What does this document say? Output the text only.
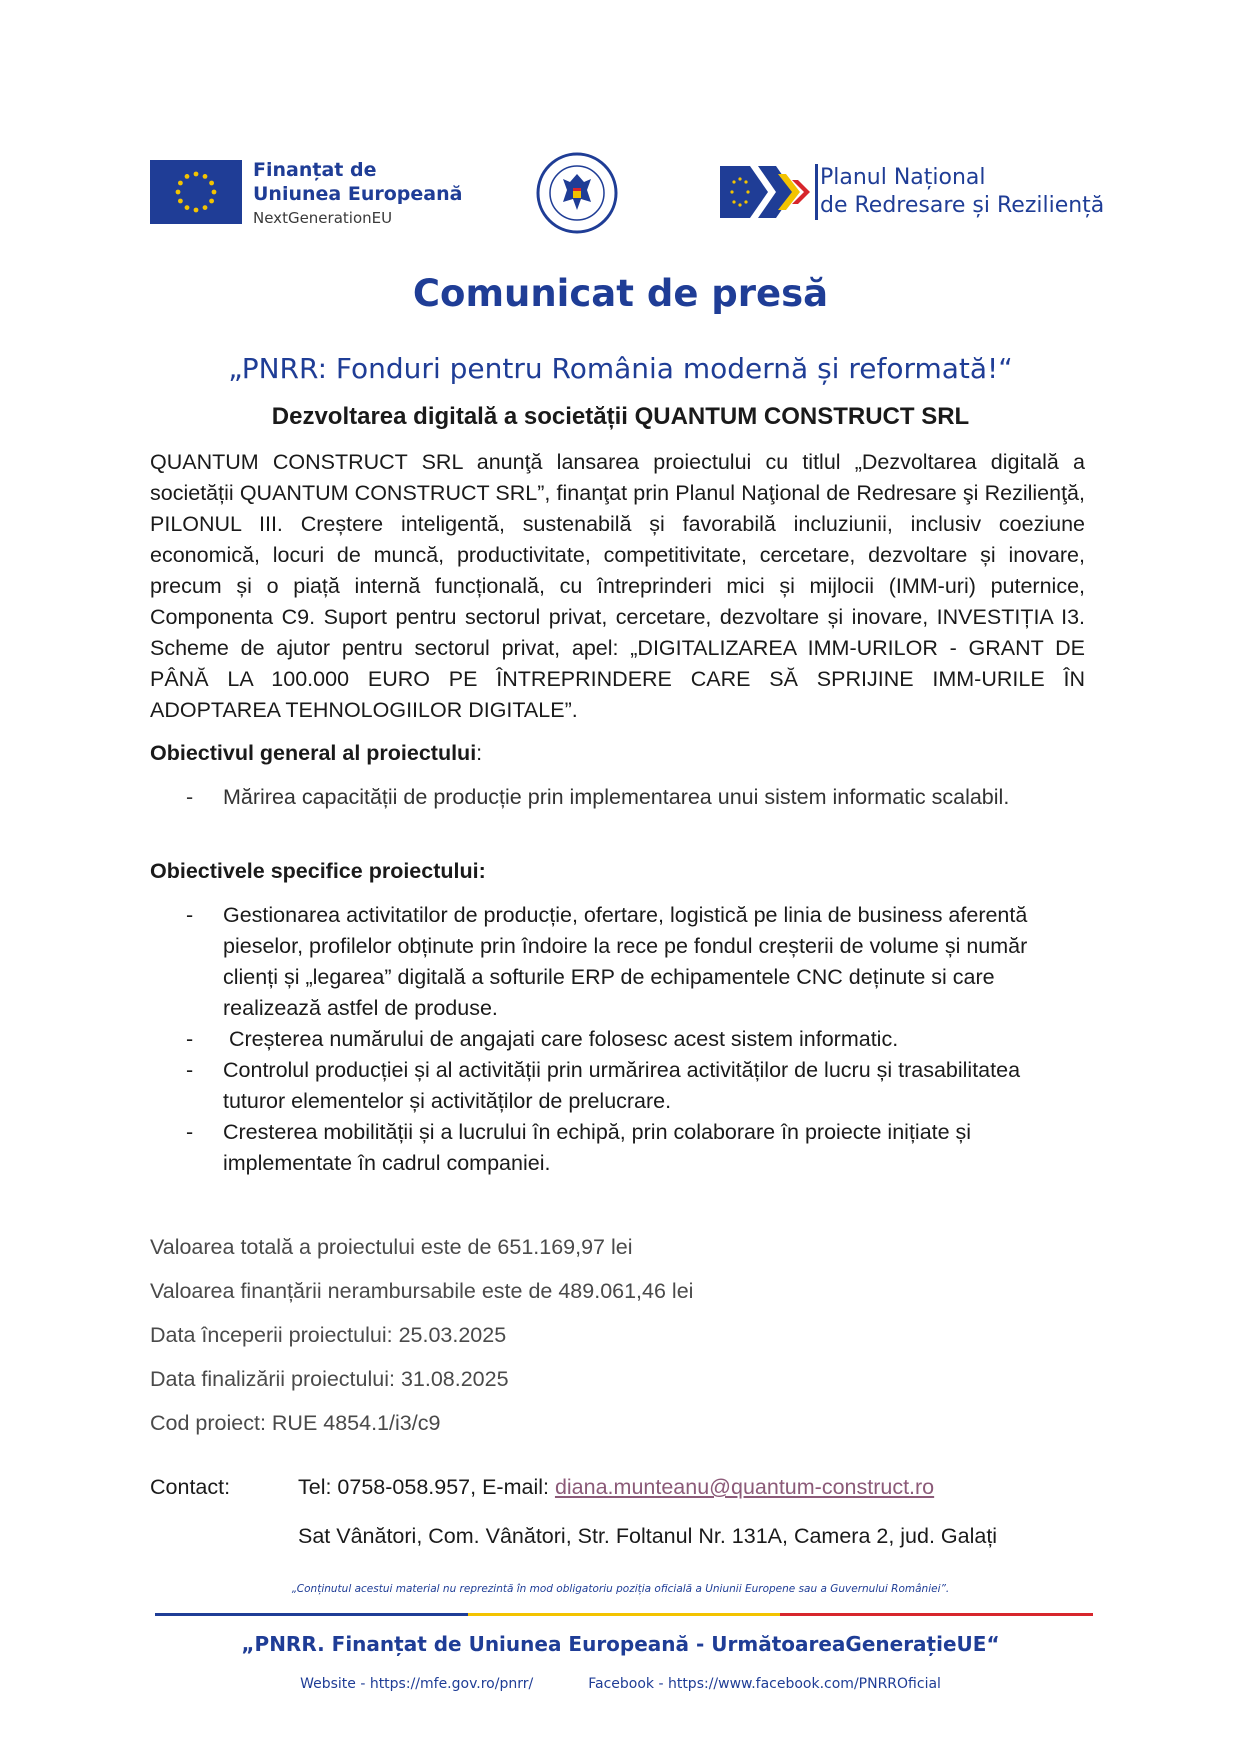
Finanțat de
Uniunea Europeană
NextGenerationEU
Planul Național
de Redresare și Reziliență
Comunicat de presă
„PNRR: Fonduri pentru România modernă și reformată!“
Dezvoltarea digitală a societății QUANTUM CONSTRUCT SRL
QUANTUM CONSTRUCT SRL anunţă lansarea proiectului cu titlul „Dezvoltarea digitală a societății QUANTUM CONSTRUCT SRL”, finanţat prin Planul Naţional de Redresare şi Rezilienţă, PILONUL III. Creștere inteligentă, sustenabilă și favorabilă incluziunii, inclusiv coeziune economică, locuri de muncă, productivitate, competitivitate, cercetare, dezvoltare și inovare, precum și o piață internă funcțională, cu întreprinderi mici și mijlocii (IMM-uri) puternice, Componenta C9. Suport pentru sectorul privat, cercetare, dezvoltare și inovare, INVESTIȚIA I3. Scheme de ajutor pentru sectorul privat, apel: „DIGITALIZAREA IMM-URILOR - GRANT DE PÂNĂ LA 100.000 EURO PE ÎNTREPRINDERE CARE SĂ SPRIJINE IMM-URILE ÎN ADOPTAREA TEHNOLOGIILOR DIGITALE”.
Obiectivul general al proiectului:
- Mărirea capacității de producție prin implementarea unui sistem informatic scalabil.
Obiectivele specifice proiectului:
- Gestionarea activitatilor de producție, ofertare, logistică pe linia de business aferentă pieselor, profilelor obținute prin îndoire la rece pe fondul creșterii de volume și număr clienți și „legarea” digitală a softurile ERP de echipamentele CNC deținute si care realizează astfel de produse.
-  Creșterea numărului de angajati care folosesc acest sistem informatic.
- Controlul producției și al activității prin urmărirea activităților de lucru și trasabilitatea tuturor elementelor și activităților de prelucrare.
- Cresterea mobilității și a lucrului în echipă, prin colaborare în proiecte inițiate și implementate în cadrul companiei.
Valoarea totală a proiectului este de 651.169,97 lei
Valoarea finanțării nerambursabile este de 489.061,46 lei
Data începerii proiectului: 25.03.2025
Data finalizării proiectului: 31.08.2025
Cod proiect: RUE 4854.1/i3/c9
Contact:	Tel: 0758-058.957, E-mail: diana.munteanu@quantum-construct.ro
Sat Vânători, Com. Vânători, Str. Foltanul Nr. 131A, Camera 2, jud. Galați
„Conținutul acestui material nu reprezintă în mod obligatoriu poziția oficială a Uniunii Europene sau a Guvernului României”.
„PNRR. Finanțat de Uniunea Europeană - UrmătoareaGenerațieUE“
Website - https://mfe.gov.ro/pnrr/	Facebook - https://www.facebook.com/PNRROficial
